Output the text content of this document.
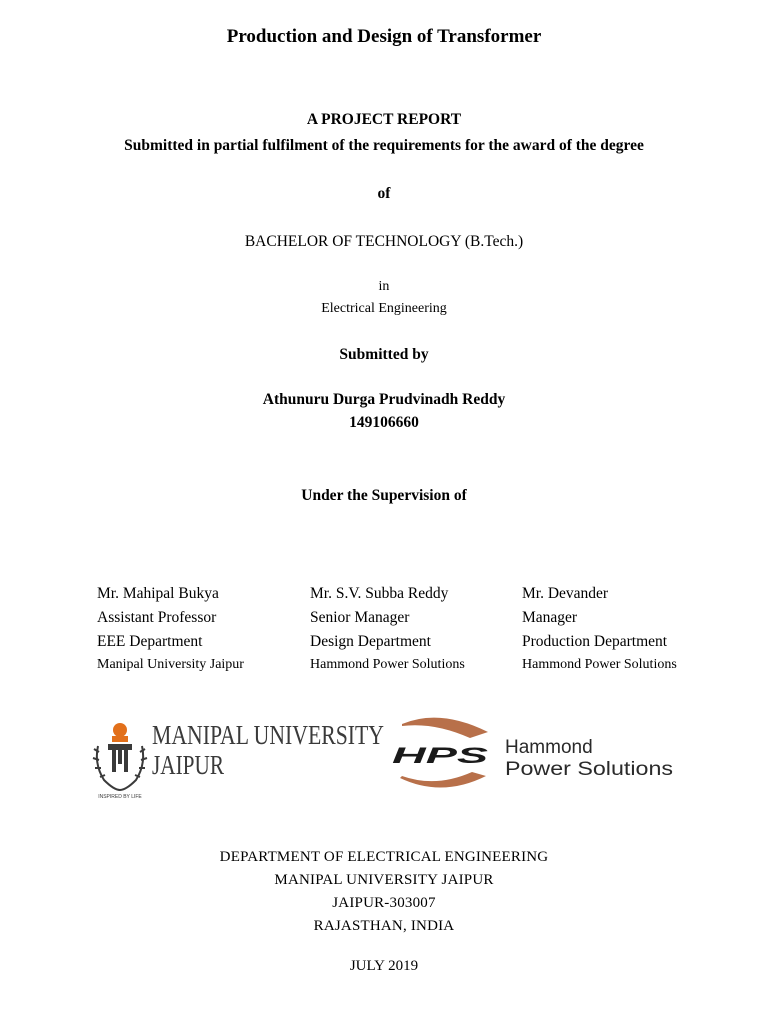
Production and Design of Transformer
A PROJECT REPORT
Submitted in partial fulfilment of the requirements for the award of the degree
of
BACHELOR OF TECHNOLOGY (B.Tech.)
in
Electrical Engineering
Submitted by
Athunuru Durga Prudvinadh Reddy
149106660
Under the Supervision of
Mr. Mahipal Bukya
Assistant Professor
EEE Department
Manipal University Jaipur
Mr. S.V. Subba Reddy
Senior Manager
Design Department
Hammond Power Solutions
Mr. Devander
Manager
Production Department
Hammond Power Solutions
INSPIRED BY LIFE
MANIPAL UNIVERSITY
JAIPUR	HPS Hammond
Power Solutions
DEPARTMENT OF ELECTRICAL ENGINEERING
MANIPAL UNIVERSITY JAIPUR
JAIPUR-303007
RAJASTHAN, INDIA
JULY 2019
